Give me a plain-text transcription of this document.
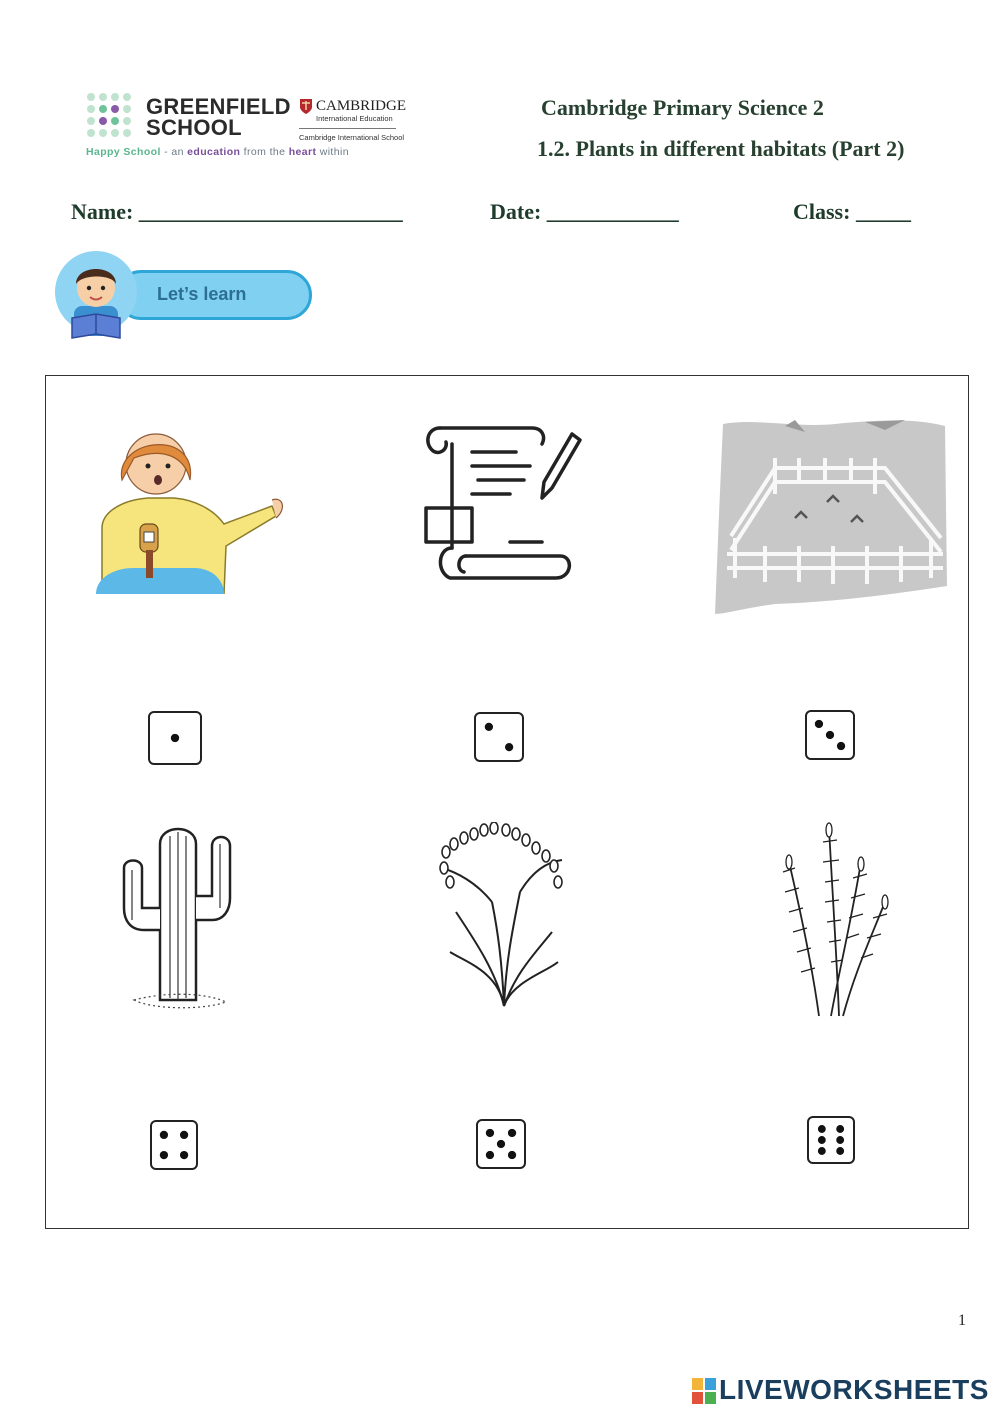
GREENFIELD
SCHOOL
Happy School - an education from the heart within
CAMBRIDGE
International Education
Cambridge International School
Cambridge Primary Science 2
1.2. Plants in different habitats (Part 2)
Name: ________________________	Date: ____________	Class: _____
Let’s learn
1
LIVEWORKSHEETS
